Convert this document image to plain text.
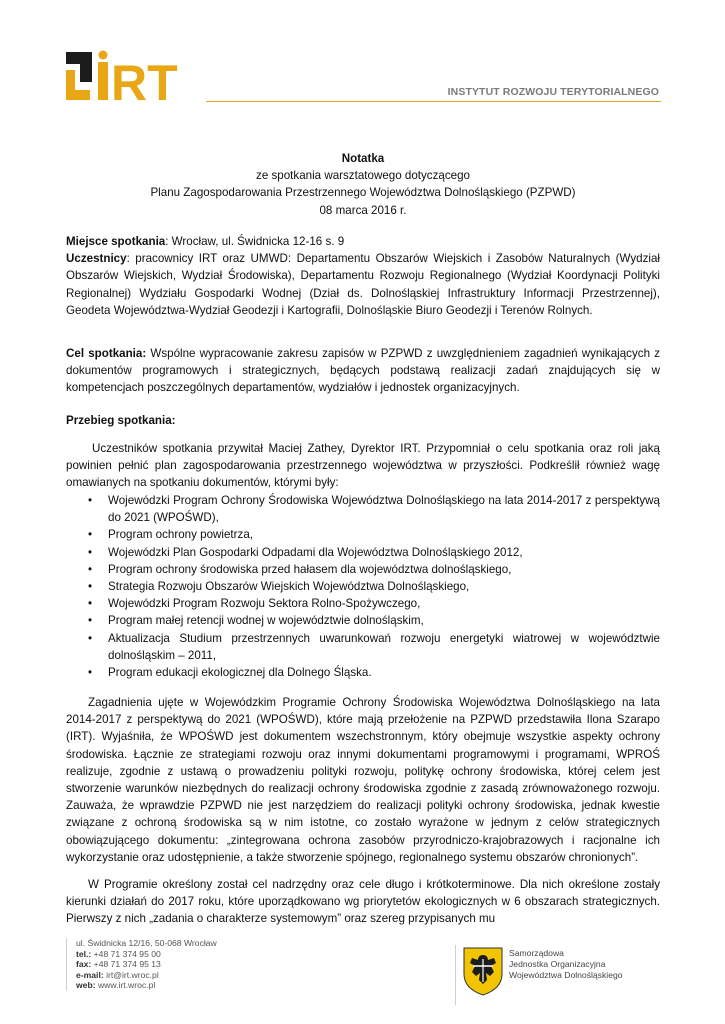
RT	INSTYTUT ROZWOJU TERYTORIALNEGO
Notatka
ze spotkania warsztatowego dotyczącego
Planu Zagospodarowania Przestrzennego Województwa Dolnośląskiego (PZPWD)
08 marca 2016 r.
Miejsce spotkania: Wrocław, ul. Świdnicka 12-16 s. 9
Uczestnicy: pracownicy IRT oraz UMWD: Departamentu Obszarów Wiejskich i Zasobów Naturalnych (Wydział Obszarów Wiejskich, Wydział Środowiska), Departamentu Rozwoju Regionalnego (Wydział Koordynacji Polityki Regionalnej) Wydziału Gospodarki Wodnej (Dział ds. Dolnośląskiej Infrastruktury Informacji Przestrzennej), Geodeta Województwa-Wydział Geodezji i Kartografii, Dolnośląskie Biuro Geodezji i Terenów Rolnych.
Cel spotkania: Wspólne wypracowanie zakresu zapisów w PZPWD z uwzględnieniem zagadnień wynikających z dokumentów programowych i strategicznych, będących podstawą realizacji zadań znajdujących się w kompetencjach poszczególnych departamentów, wydziałów i jednostek organizacyjnych.
Przebieg spotkania:
Uczestników spotkania przywitał Maciej Zathey, Dyrektor IRT. Przypomniał o celu spotkania oraz roli jaką powinien pełnić plan zagospodarowania przestrzennego województwa w przyszłości. Podkreślił również wagę omawianych na spotkaniu dokumentów, którymi były:
• Wojewódzki Program Ochrony Środowiska Województwa Dolnośląskiego na lata 2014-2017 z perspektywą do 2021 (WPOŚWD),
• Program ochrony powietrza,
• Wojewódzki Plan Gospodarki Odpadami dla Województwa Dolnośląskiego 2012,
• Program ochrony środowiska przed hałasem dla województwa dolnośląskiego,
• Strategia Rozwoju Obszarów Wiejskich Województwa Dolnośląskiego,
• Wojewódzki Program Rozwoju Sektora Rolno-Spożywczego,
• Program małej retencji wodnej w województwie dolnośląskim,
• Aktualizacja Studium przestrzennych uwarunkowań rozwoju energetyki wiatrowej w województwie dolnośląskim – 2011,
• Program edukacji ekologicznej dla Dolnego Śląska.
Zagadnienia ujęte w Wojewódzkim Programie Ochrony Środowiska Województwa Dolnośląskiego na lata 2014-2017 z perspektywą do 2021 (WPOŚWD), które mają przełożenie na PZPWD przedstawiła Ilona Szarapo (IRT). Wyjaśniła, że WPOŚWD jest dokumentem wszechstronnym, który obejmuje wszystkie aspekty ochrony środowiska. Łącznie ze strategiami rozwoju oraz innymi dokumentami programowymi i programami, WPROŚ realizuje, zgodnie z ustawą o prowadzeniu polityki rozwoju, politykę ochrony środowiska, której celem jest stworzenie warunków niezbędnych do realizacji ochrony środowiska zgodnie z zasadą zrównoważonego rozwoju. Zauważa, że wprawdzie PZPWD nie jest narzędziem do realizacji polityki ochrony środowiska, jednak kwestie związane z ochroną środowiska są w nim istotne, co zostało wyrażone w jednym z celów strategicznych obowiązującego dokumentu: „zintegrowana ochrona zasobów przyrodniczo-krajobrazowych i racjonalne ich wykorzystanie oraz udostępnienie, a także stworzenie spójnego, regionalnego systemu obszarów chronionych”.
W Programie określony został cel nadrzędny oraz cele długo i krótkoterminowe. Dla nich określone zostały kierunki działań do 2017 roku, które uporządkowano wg priorytetów ekologicznych w 6 obszarach strategicznych. Pierwszy z nich „zadania o charakterze systemowym” oraz szereg przypisanych mu
ul. Świdnicka 12/16, 50-068 Wrocław
tel.: +48 71 374 95 00
fax: +48 71 374 95 13
e-mail: irt@irt.wroc.pl
web: www.irt.wroc.pl
Samorządowa
Jednostka Organizacyjna
Województwa Dolnośląskiego
